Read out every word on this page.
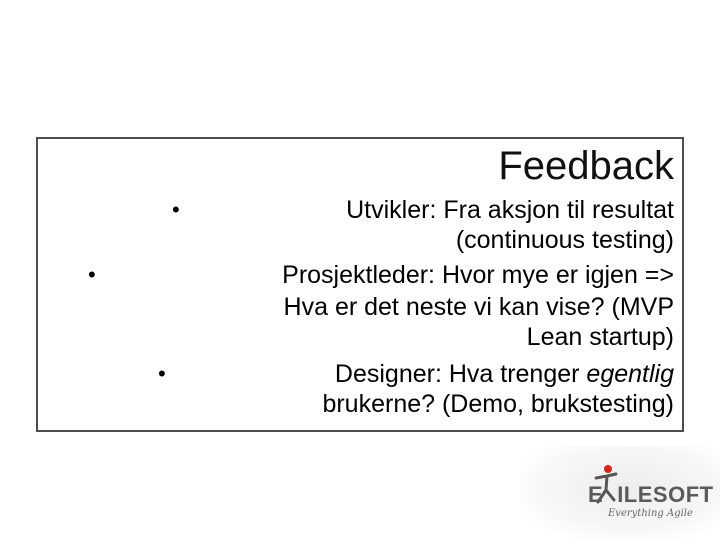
Feedback
•	Utvikler: Fra aksjon til resultat
(continuous testing)
•	Prosjektleder: Hvor mye er igjen =>
Hva er det neste vi kan vise? (MVP
Lean startup)
•	Designer: Hva trenger egentlig
brukerne? (Demo, brukstesting)
E ILESOFT
Everything Agile
